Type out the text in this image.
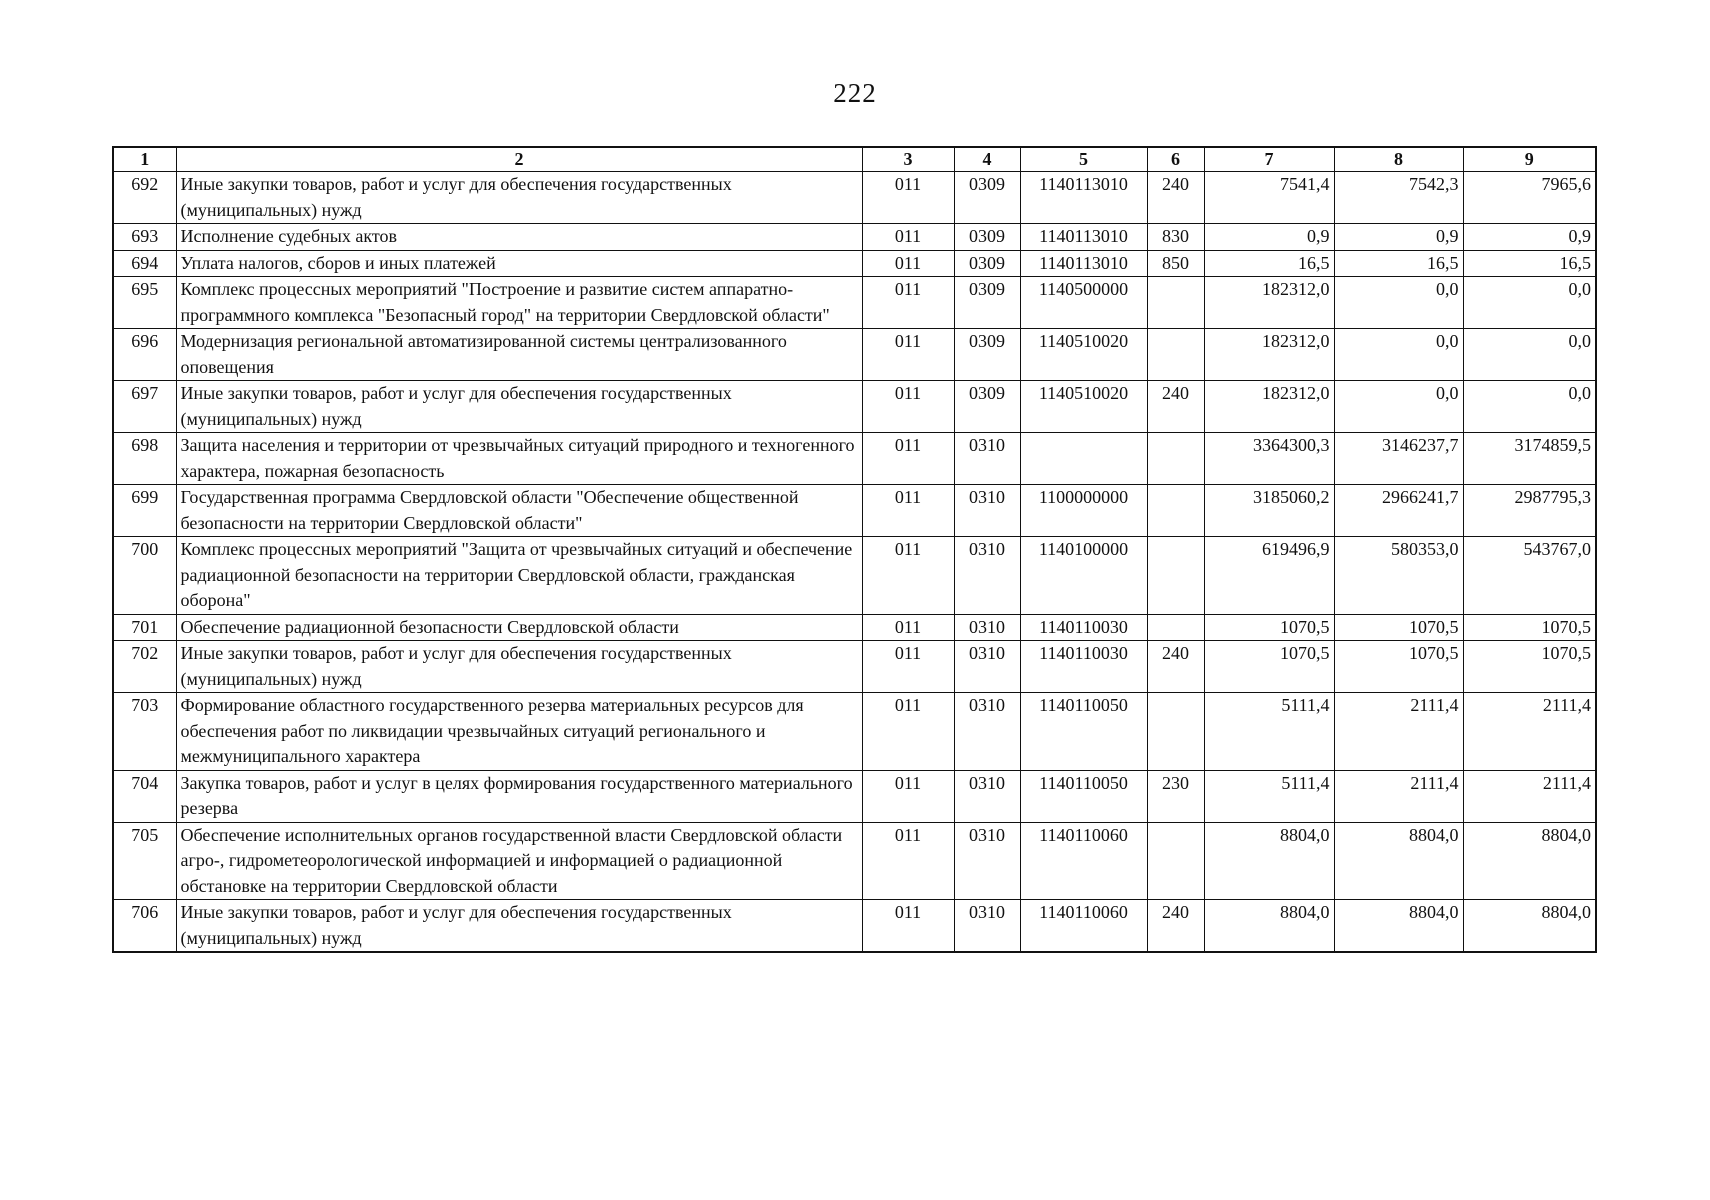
222
1	2	3	4	5	6	7	8	9
692	Иные закупки товаров, работ и услуг для обеспечения государственных (муниципальных) нужд	011	0309	1140113010	240	7541,4	7542,3	7965,6
693	Исполнение судебных актов	011	0309	1140113010	830	0,9	0,9	0,9
694	Уплата налогов, сборов и иных платежей	011	0309	1140113010	850	16,5	16,5	16,5
695	Комплекс процессных мероприятий "Построение и развитие систем аппаратно-программного комплекса "Безопасный город" на территории Свердловской области"	011	0309	1140500000		182312,0	0,0	0,0
696	Модернизация региональной автоматизированной системы централизованного оповещения	011	0309	1140510020		182312,0	0,0	0,0
697	Иные закупки товаров, работ и услуг для обеспечения государственных (муниципальных) нужд	011	0309	1140510020	240	182312,0	0,0	0,0
698	Защита населения и территории от чрезвычайных ситуаций природного и техногенного характера, пожарная безопасность	011	0310			3364300,3	3146237,7	3174859,5
699	Государственная программа Свердловской области "Обеспечение общественной безопасности на территории Свердловской области"	011	0310	1100000000		3185060,2	2966241,7	2987795,3
700	Комплекс процессных мероприятий "Защита от чрезвычайных ситуаций и обеспечение радиационной безопасности на территории Свердловской области, гражданская оборона"	011	0310	1140100000		619496,9	580353,0	543767,0
701	Обеспечение радиационной безопасности Свердловской области	011	0310	1140110030		1070,5	1070,5	1070,5
702	Иные закупки товаров, работ и услуг для обеспечения государственных (муниципальных) нужд	011	0310	1140110030	240	1070,5	1070,5	1070,5
703	Формирование областного государственного резерва материальных ресурсов для обеспечения работ по ликвидации чрезвычайных ситуаций регионального и межмуниципального характера	011	0310	1140110050		5111,4	2111,4	2111,4
704	Закупка товаров, работ и услуг в целях формирования государственного материального резерва	011	0310	1140110050	230	5111,4	2111,4	2111,4
705	Обеспечение исполнительных органов государственной власти Свердловской области агро-, гидрометеорологической информацией и информацией о радиационной обстановке на территории Свердловской области	011	0310	1140110060		8804,0	8804,0	8804,0
706	Иные закупки товаров, работ и услуг для обеспечения государственных (муниципальных) нужд	011	0310	1140110060	240	8804,0	8804,0	8804,0
